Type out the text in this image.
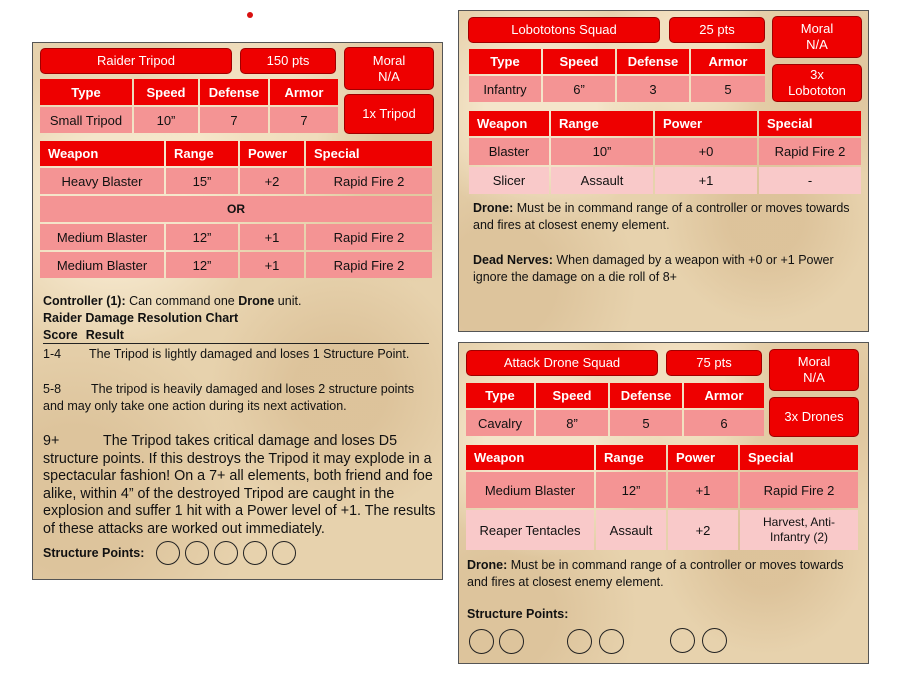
Raider Tripod	150 pts	Moral
N/A
1x Tripod
Type	Speed	Defense	Armor
Small Tripod	10”	7	7
Weapon	Range	Power	Special
Heavy Blaster	15”	+2	Rapid Fire 2
OR			
Medium Blaster	12”	+1	Rapid Fire 2
Medium Blaster	12”	+1	Rapid Fire 2
Controller (1): Can command one Drone unit.
Raider Damage Resolution Chart
Score Result
1-4 The Tripod is lightly damaged and loses 1 Structure Point.
5-8 The tripod is heavily damaged and loses 2 structure points and may only take one action during its next activation.
9+	The Tripod takes critical damage and loses D5 structure points. If this destroys the Tripod it may explode in a spectacular fashion! On a 7+ all elements, both friend and foe alike, within 4” of the destroyed Tripod are caught in the explosion and suffer 1 hit with a Power level of +1. The results of these attacks are worked out immediately.
Structure Points:
Lobototons Squad	25 pts	Moral
N/A
3x
Lobototon
Type	Speed	Defense	Armor
Infantry	6”	3	5
Weapon	Range	Power	Special
Blaster	10”	+0	Rapid Fire 2
Slicer	Assault	+1	-
Drone: Must be in command range of a controller or moves towards and fires at closest enemy element.
Dead Nerves: When damaged by a weapon with +0 or +1 Power ignore the damage on a die roll of 8+
Attack Drone Squad	75 pts	Moral
N/A
3x Drones
Type	Speed	Defense	Armor
Cavalry	8”	5	6
Weapon	Range	Power	Special
Medium Blaster	12”	+1	Rapid Fire 2
Reaper Tentacles	Assault	+2	Harvest, Anti-
Infantry (2)
Drone: Must be in command range of a controller or moves towards and fires at closest enemy element.
Structure Points:
